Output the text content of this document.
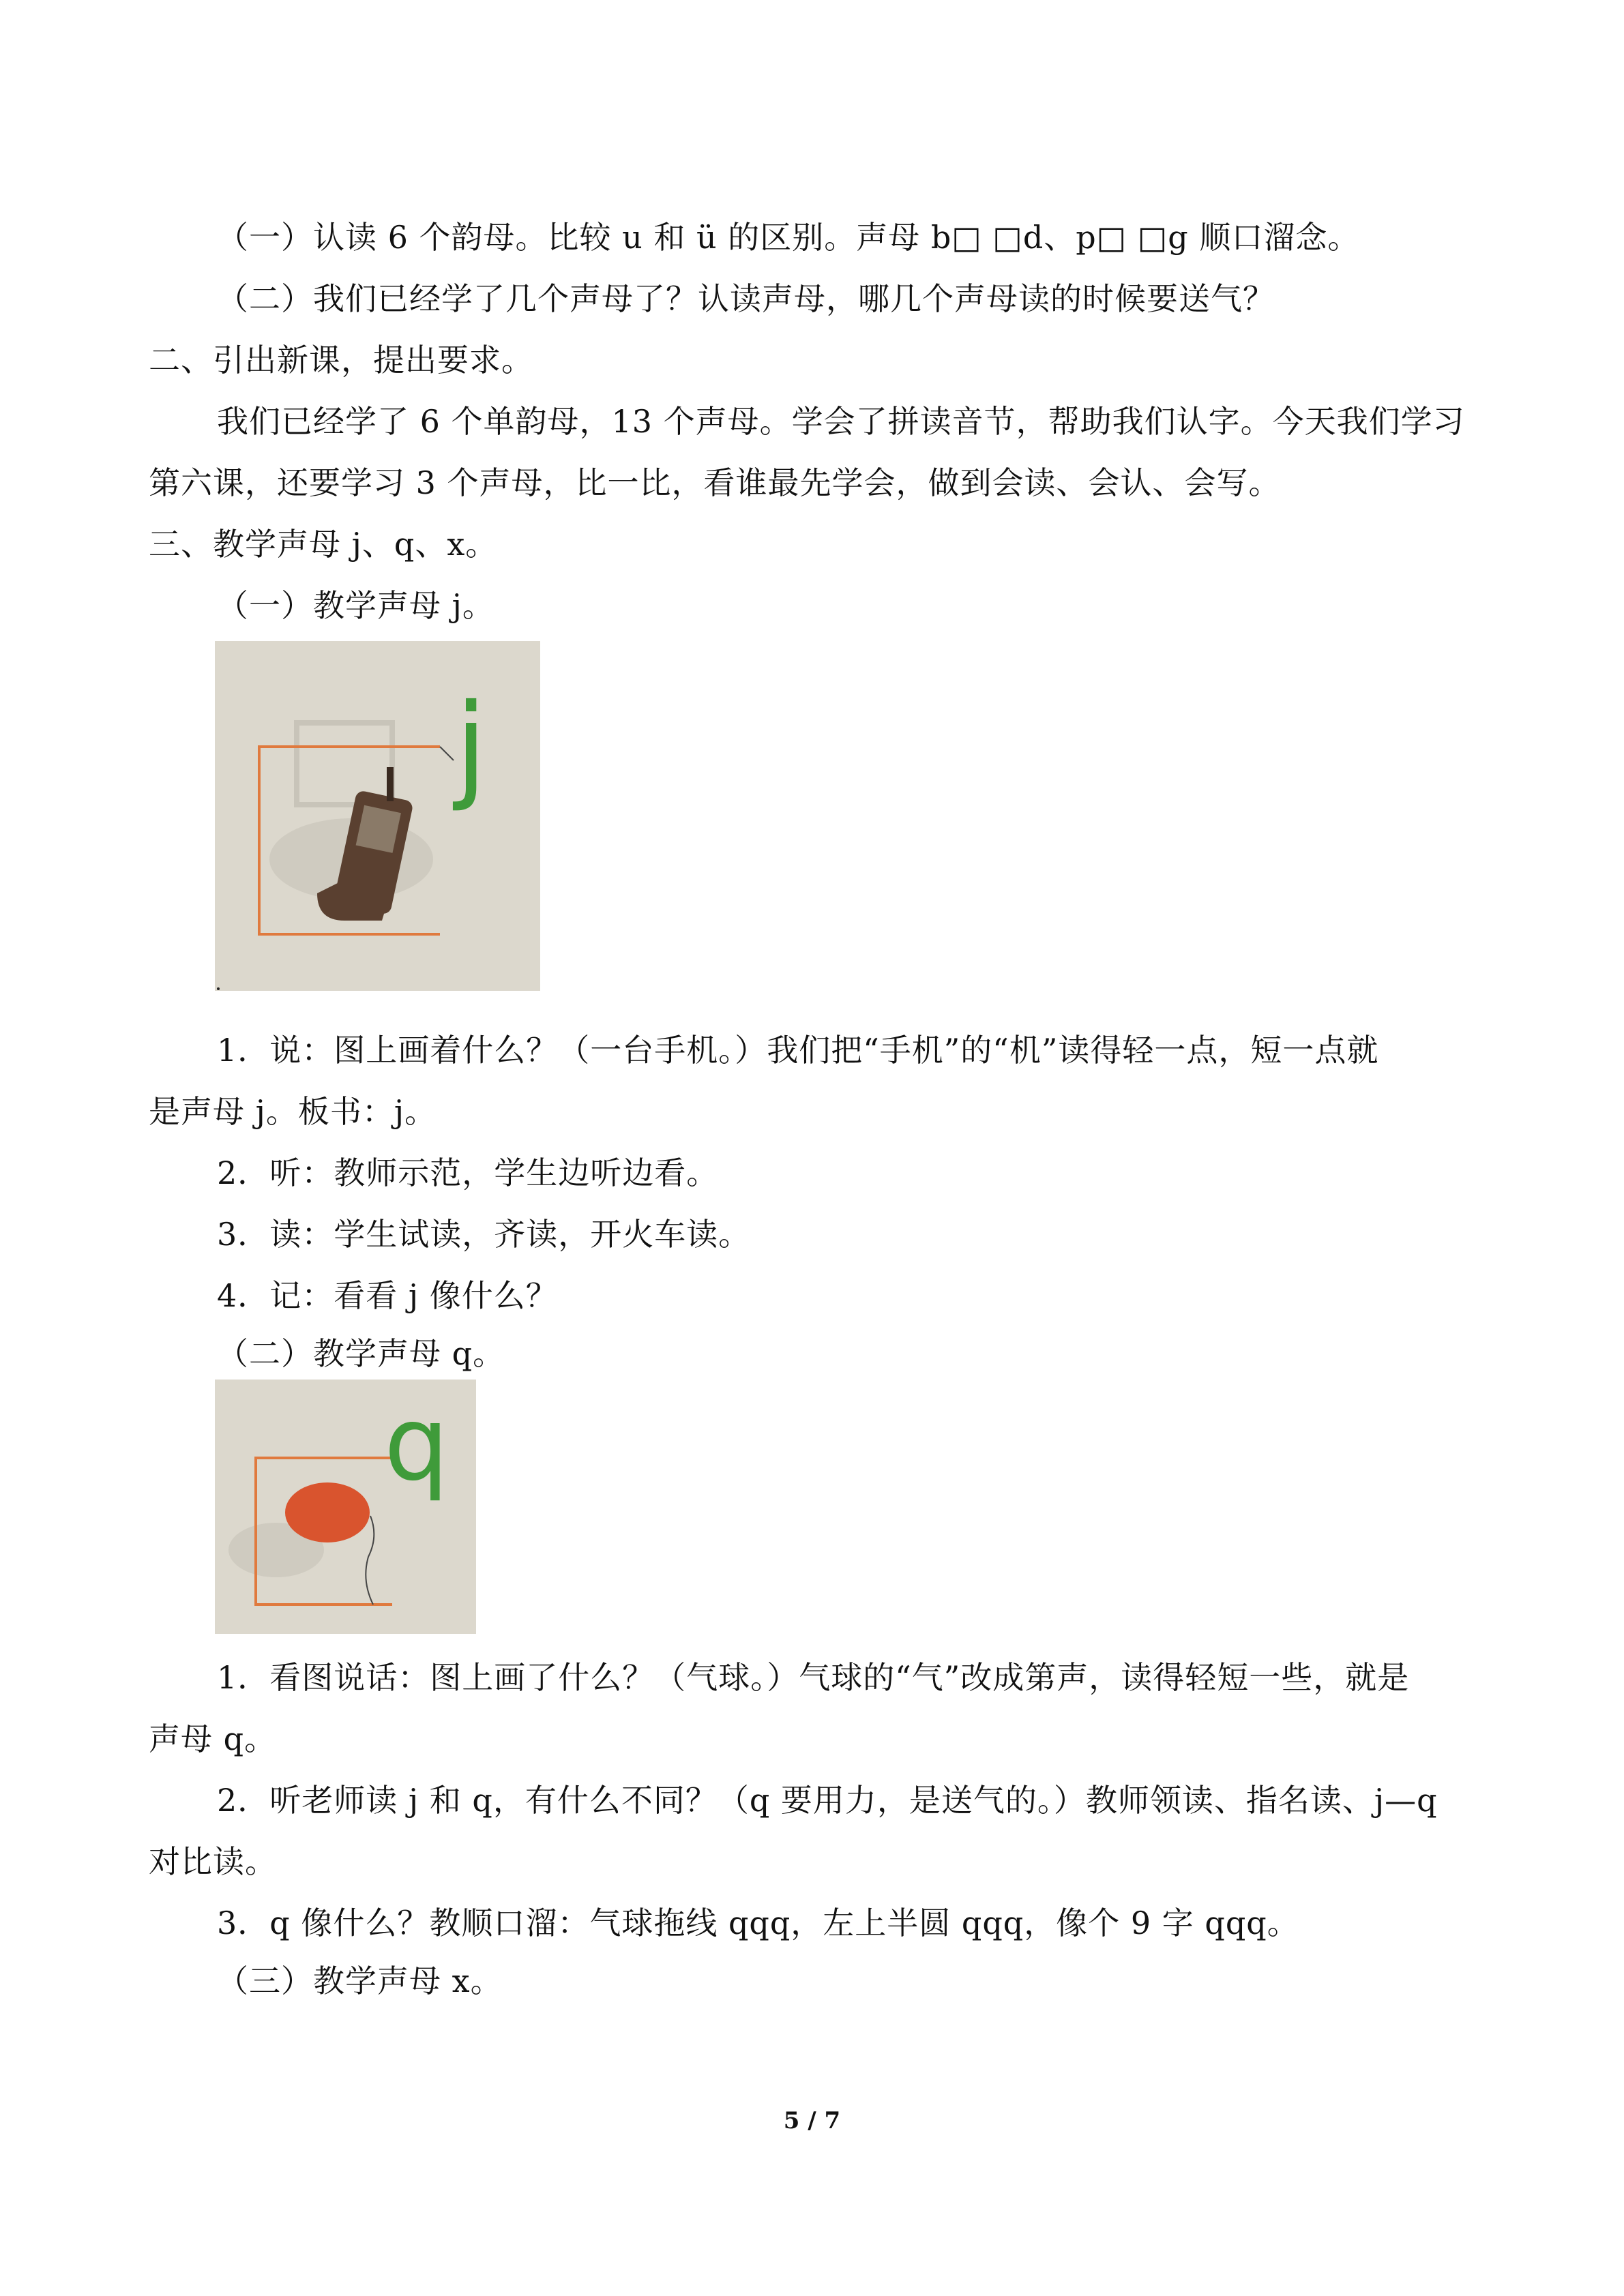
（一）认读 6 个韵母。比较 u 和 ü 的区别。声母 b□ □d、p□ □g 顺口溜念。
（二）我们已经学了几个声母了？认读声母，哪几个声母读的时候要送气？
二、引出新课，提出要求。
我们已经学了 6 个单韵母，13 个声母。学会了拼读音节，帮助我们认字。今天我们学习
第六课，还要学习 3 个声母，比一比，看谁最先学会，做到会读、会认、会写。
三、教学声母 j、q、x。
（一）教学声母 j。
j
1．说：图上画着什么？（一台手机。）我们把“手机”的“机”读得轻一点，短一点就
是声母 j。板书：j。
2．听：教师示范，学生边听边看。
3．读：学生试读，齐读，开火车读。
4．记：看看 j 像什么？
（二）教学声母 q。
q
1．看图说话：图上画了什么？（气球。）气球的“气”改成第声，读得轻短一些，就是
声母 q。
2．听老师读 j 和 q，有什么不同？（q 要用力，是送气的。）教师领读、指名读、j—q
对比读。
3．q 像什么？教顺口溜：气球拖线 qqq，左上半圆 qqq，像个 9 字 qqq。
（三）教学声母 x。
5 / 7
